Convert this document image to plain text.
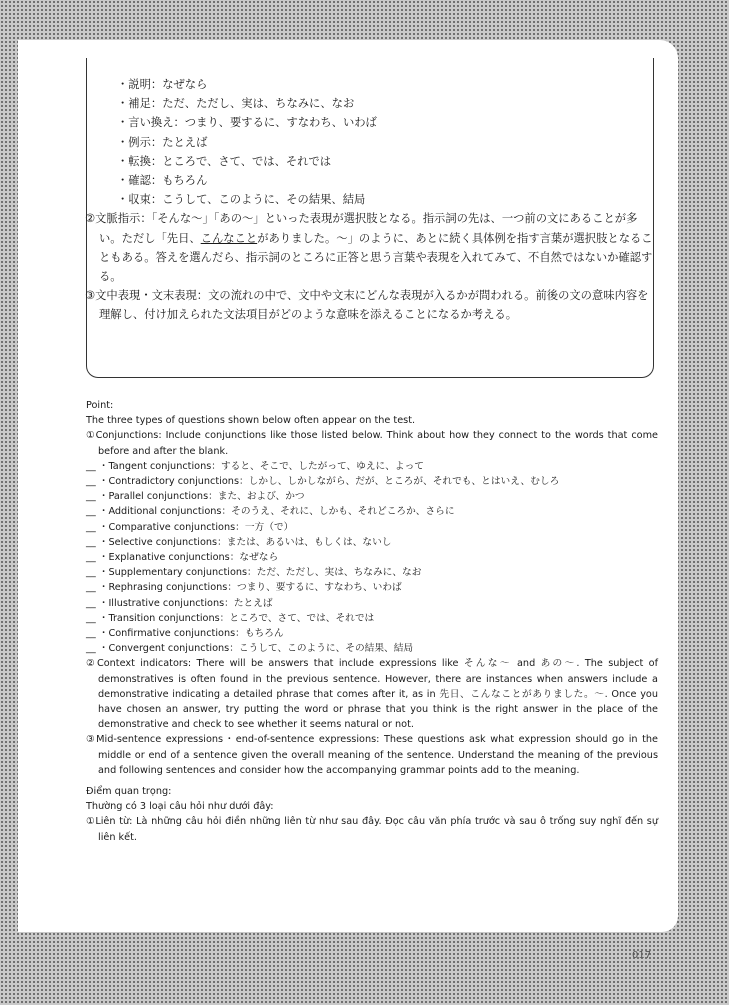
・説明：なぜなら
・補足：ただ、ただし、実は、ちなみに、なお
・言い換え：つまり、要するに、すなわち、いわば
・例示：たとえば
・転換：ところで、さて、では、それでは
・確認：もちろん
・収束：こうして、このように、その結果、結局
②文脈指示：「そんな〜」「あの〜」といった表現が選択肢となる。指示詞の先は、一つ前の文にあることが多い。ただし「先日、こんなことがありました。〜」のように、あとに続く具体例を指す言葉が選択肢となることもある。答えを選んだら、指示詞のところに正答と思う言葉や表現を入れてみて、不自然ではないか確認する。
③文中表現・文末表現：文の流れの中で、文中や文末にどんな表現が入るかが問われる。前後の文の意味内容を理解し、付け加えられた文法項目がどのような意味を添えることになるか考える。
Point:
The three types of questions shown below often appear on the test.
①Conjunctions: Include conjunctions like those listed below. Think about how they connect to the words that come before and after the blank.
__ ・Tangent conjunctions：すると、そこで、したがって、ゆえに、よって
__ ・Contradictory conjunctions：しかし、しかしながら、だが、ところが、それでも、とはいえ、むしろ
__ ・Parallel conjunctions：また、および、かつ
__ ・Additional conjunctions：そのうえ、それに、しかも、それどころか、さらに
__ ・Comparative conjunctions：一方（で）
__ ・Selective conjunctions：または、あるいは、もしくは、ないし
__ ・Explanative conjunctions：なぜなら
__ ・Supplementary conjunctions：ただ、ただし、実は、ちなみに、なお
__ ・Rephrasing conjunctions：つまり、要するに、すなわち、いわば
__ ・Illustrative conjunctions：たとえば
__ ・Transition conjunctions：ところで、さて、では、それでは
__ ・Confirmative conjunctions：もちろん
__ ・Convergent conjunctions：こうして、このように、その結果、結局
②Context indicators: There will be answers that include expressions like そんな〜 and あの〜. The subject of demonstratives is often found in the previous sentence. However, there are instances when answers include a demonstrative indicating a detailed phrase that comes after it, as in 先日、こんなことがありました。〜. Once you have chosen an answer, try putting the word or phrase that you think is the right answer in the place of the demonstrative and check to see whether it seems natural or not.
③Mid-sentence expressions・end-of-sentence expressions: These questions ask what expression should go in the middle or end of a sentence given the overall meaning of the sentence. Understand the meaning of the previous and following sentences and consider how the accompanying grammar points add to the meaning.
Điểm quan trọng:
Thường có 3 loại câu hỏi như dưới đây:
①Liên từ: Là những câu hỏi điền những liên từ như sau đây. Đọc câu văn phía trước và sau ô trống suy nghĩ đến sự liên kết.
017
